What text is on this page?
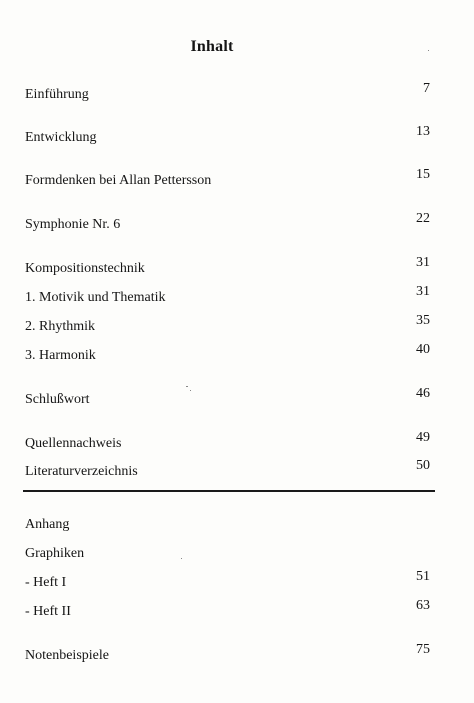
Inhalt
Einführung	7
Entwicklung	13
Formdenken bei Allan Pettersson	15
Symphonie Nr. 6	22
Kompositionstechnik	31
1. Motivik und Thematik	31
2. Rhythmik	35
3. Harmonik	40
Schlußwort	46
Quellennachweis	49
Literaturverzeichnis	50
Anhang
Graphiken
- Heft I	51
- Heft II	63
Notenbeispiele	75
